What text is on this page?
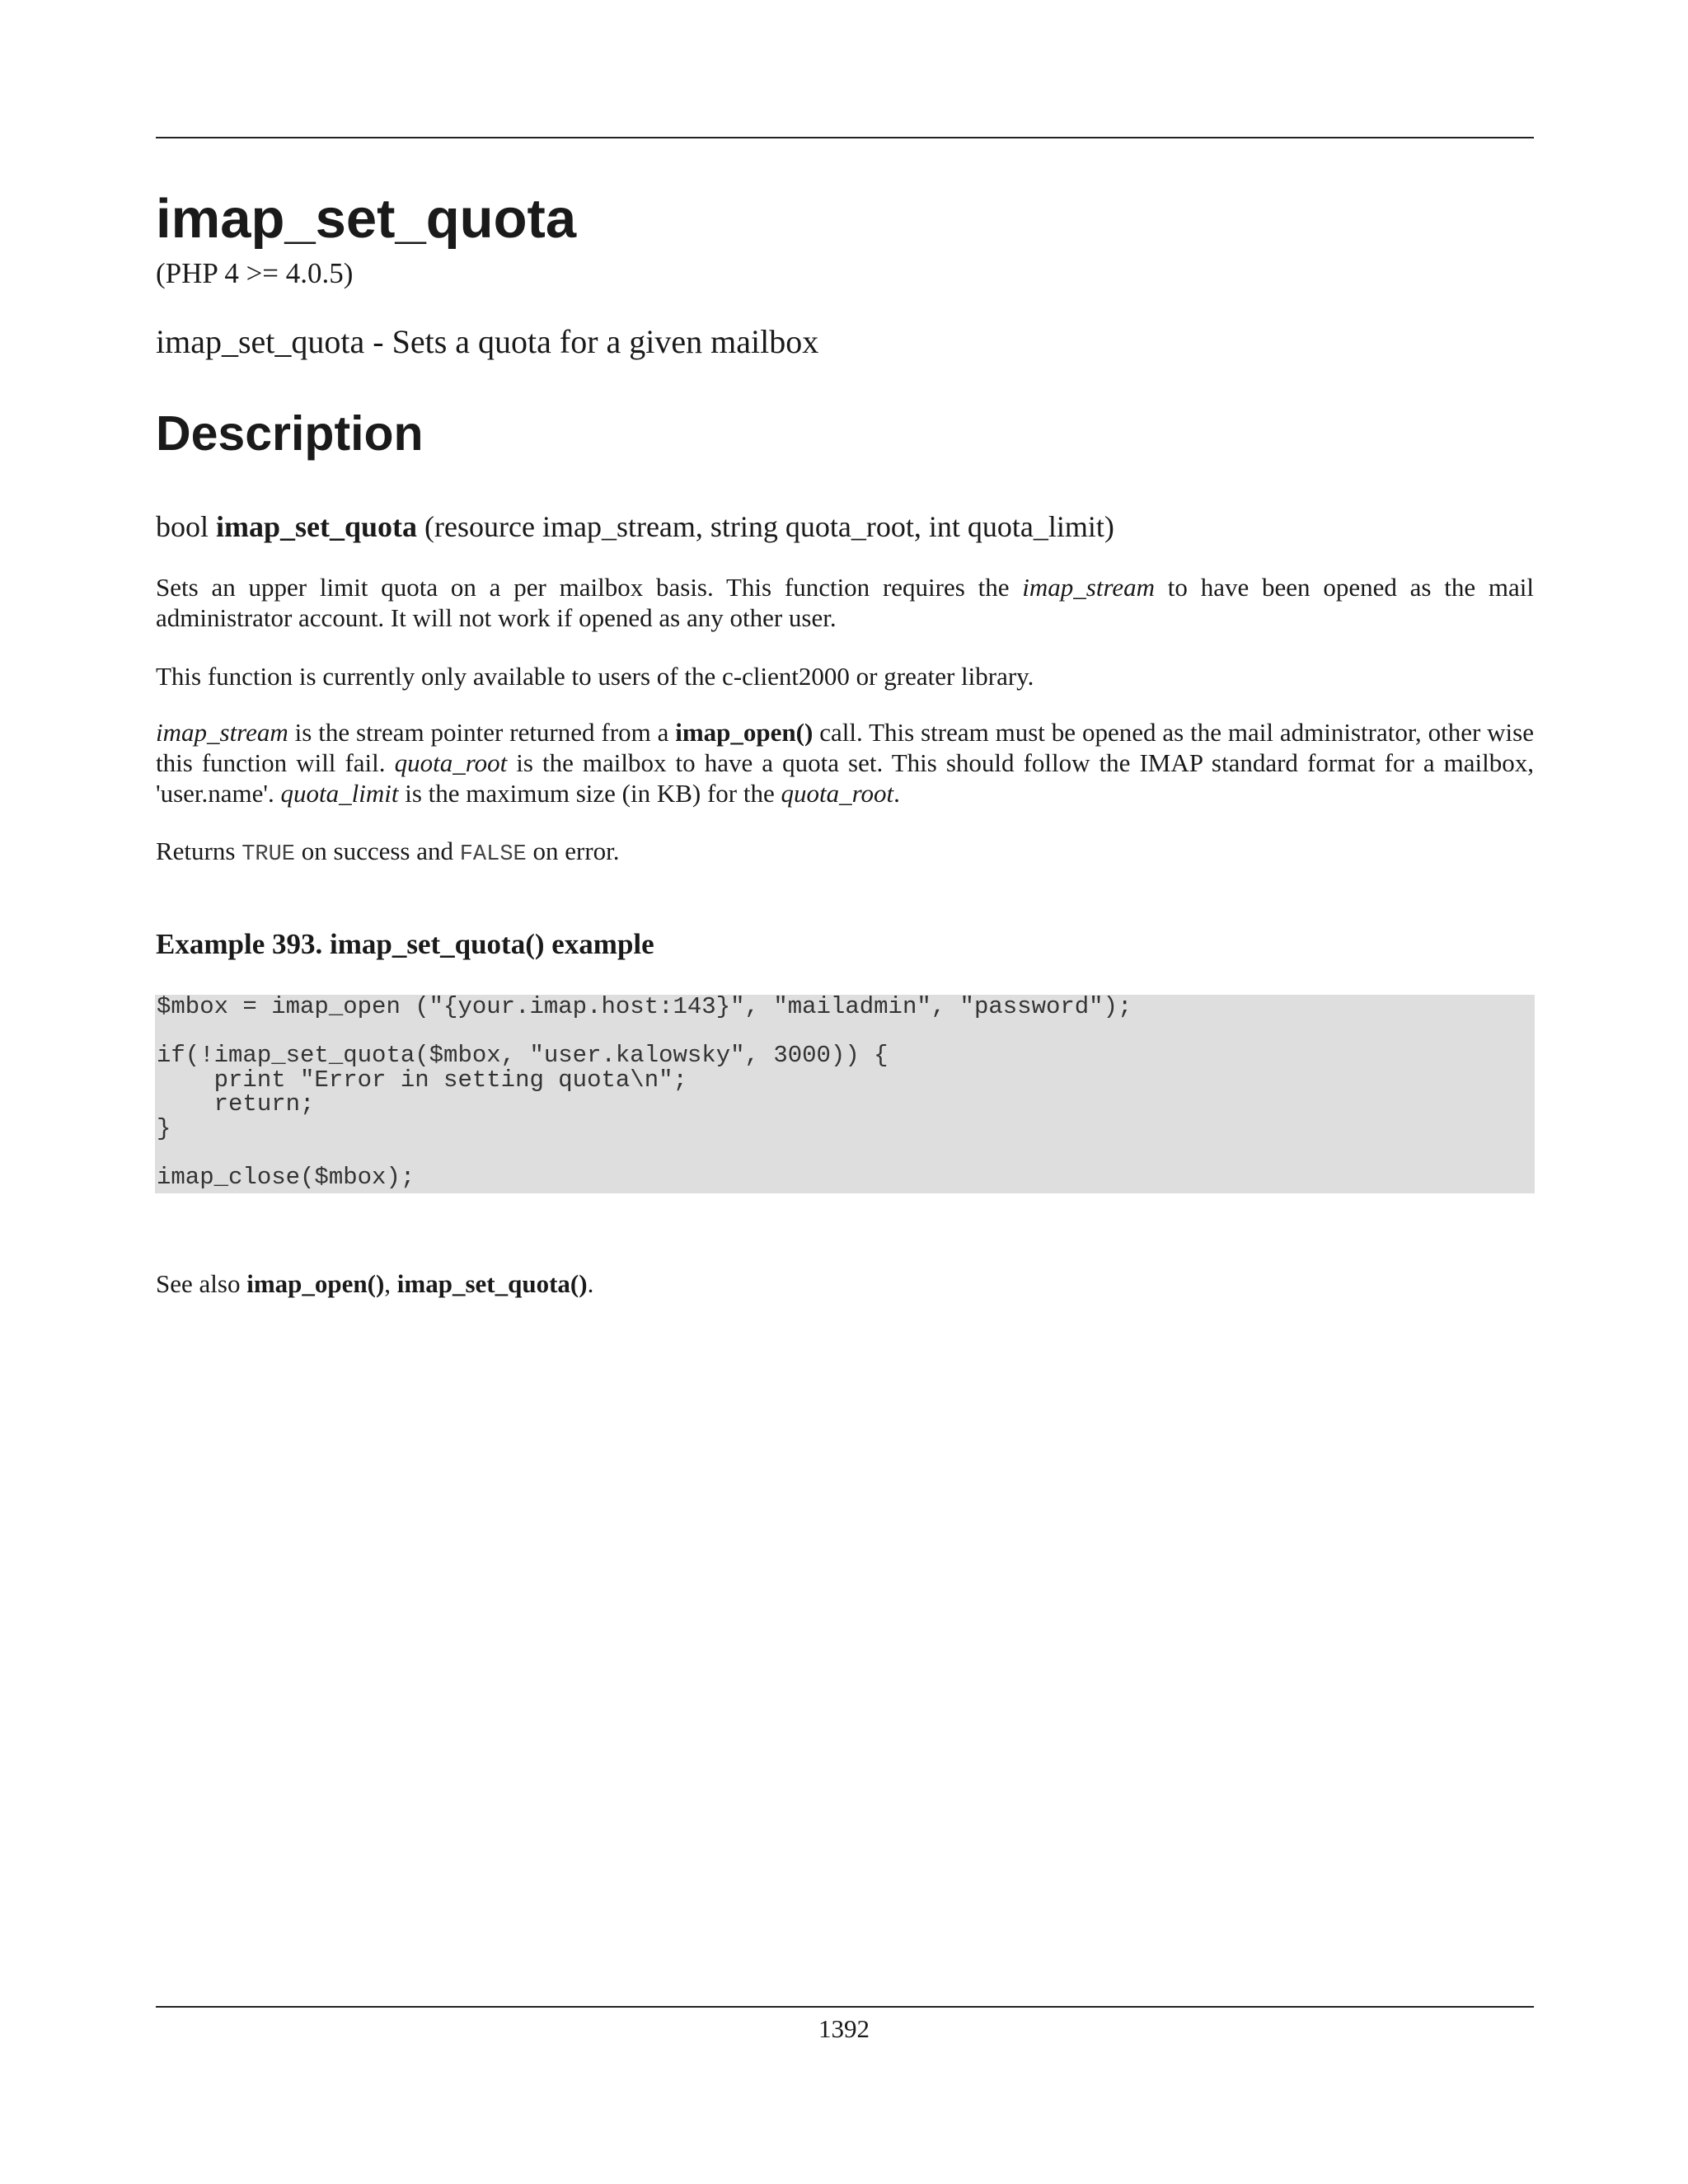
imap_set_quota
(PHP 4 >= 4.0.5)
imap_set_quota - Sets a quota for a given mailbox
Description
bool imap_set_quota (resource imap_stream, string quota_root, int quota_limit)

Sets an upper limit quota on a per mailbox basis. This function requires the imap_stream to have been opened as the mail administrator account. It will not work if opened as any other user.

This function is currently only available to users of the c-client2000 or greater library.

imap_stream is the stream pointer returned from a imap_open() call. This stream must be opened as the mail administrator, other wise this function will fail. quota_root is the mailbox to have a quota set. This should follow the IMAP standard format for a mailbox, 'user.name'. quota_limit is the maximum size (in KB) for the quota_root.

Returns TRUE on success and FALSE on error.

Example 393. imap_set_quota() example
$mbox = imap_open ("{your.imap.host:143}", "mailadmin", "password");
if(!imap_set_quota($mbox, "user.kalowsky", 3000)) {
print "Error in setting quota\n";
return;
}
imap_close($mbox);
See also imap_open(), imap_set_quota().
1392
